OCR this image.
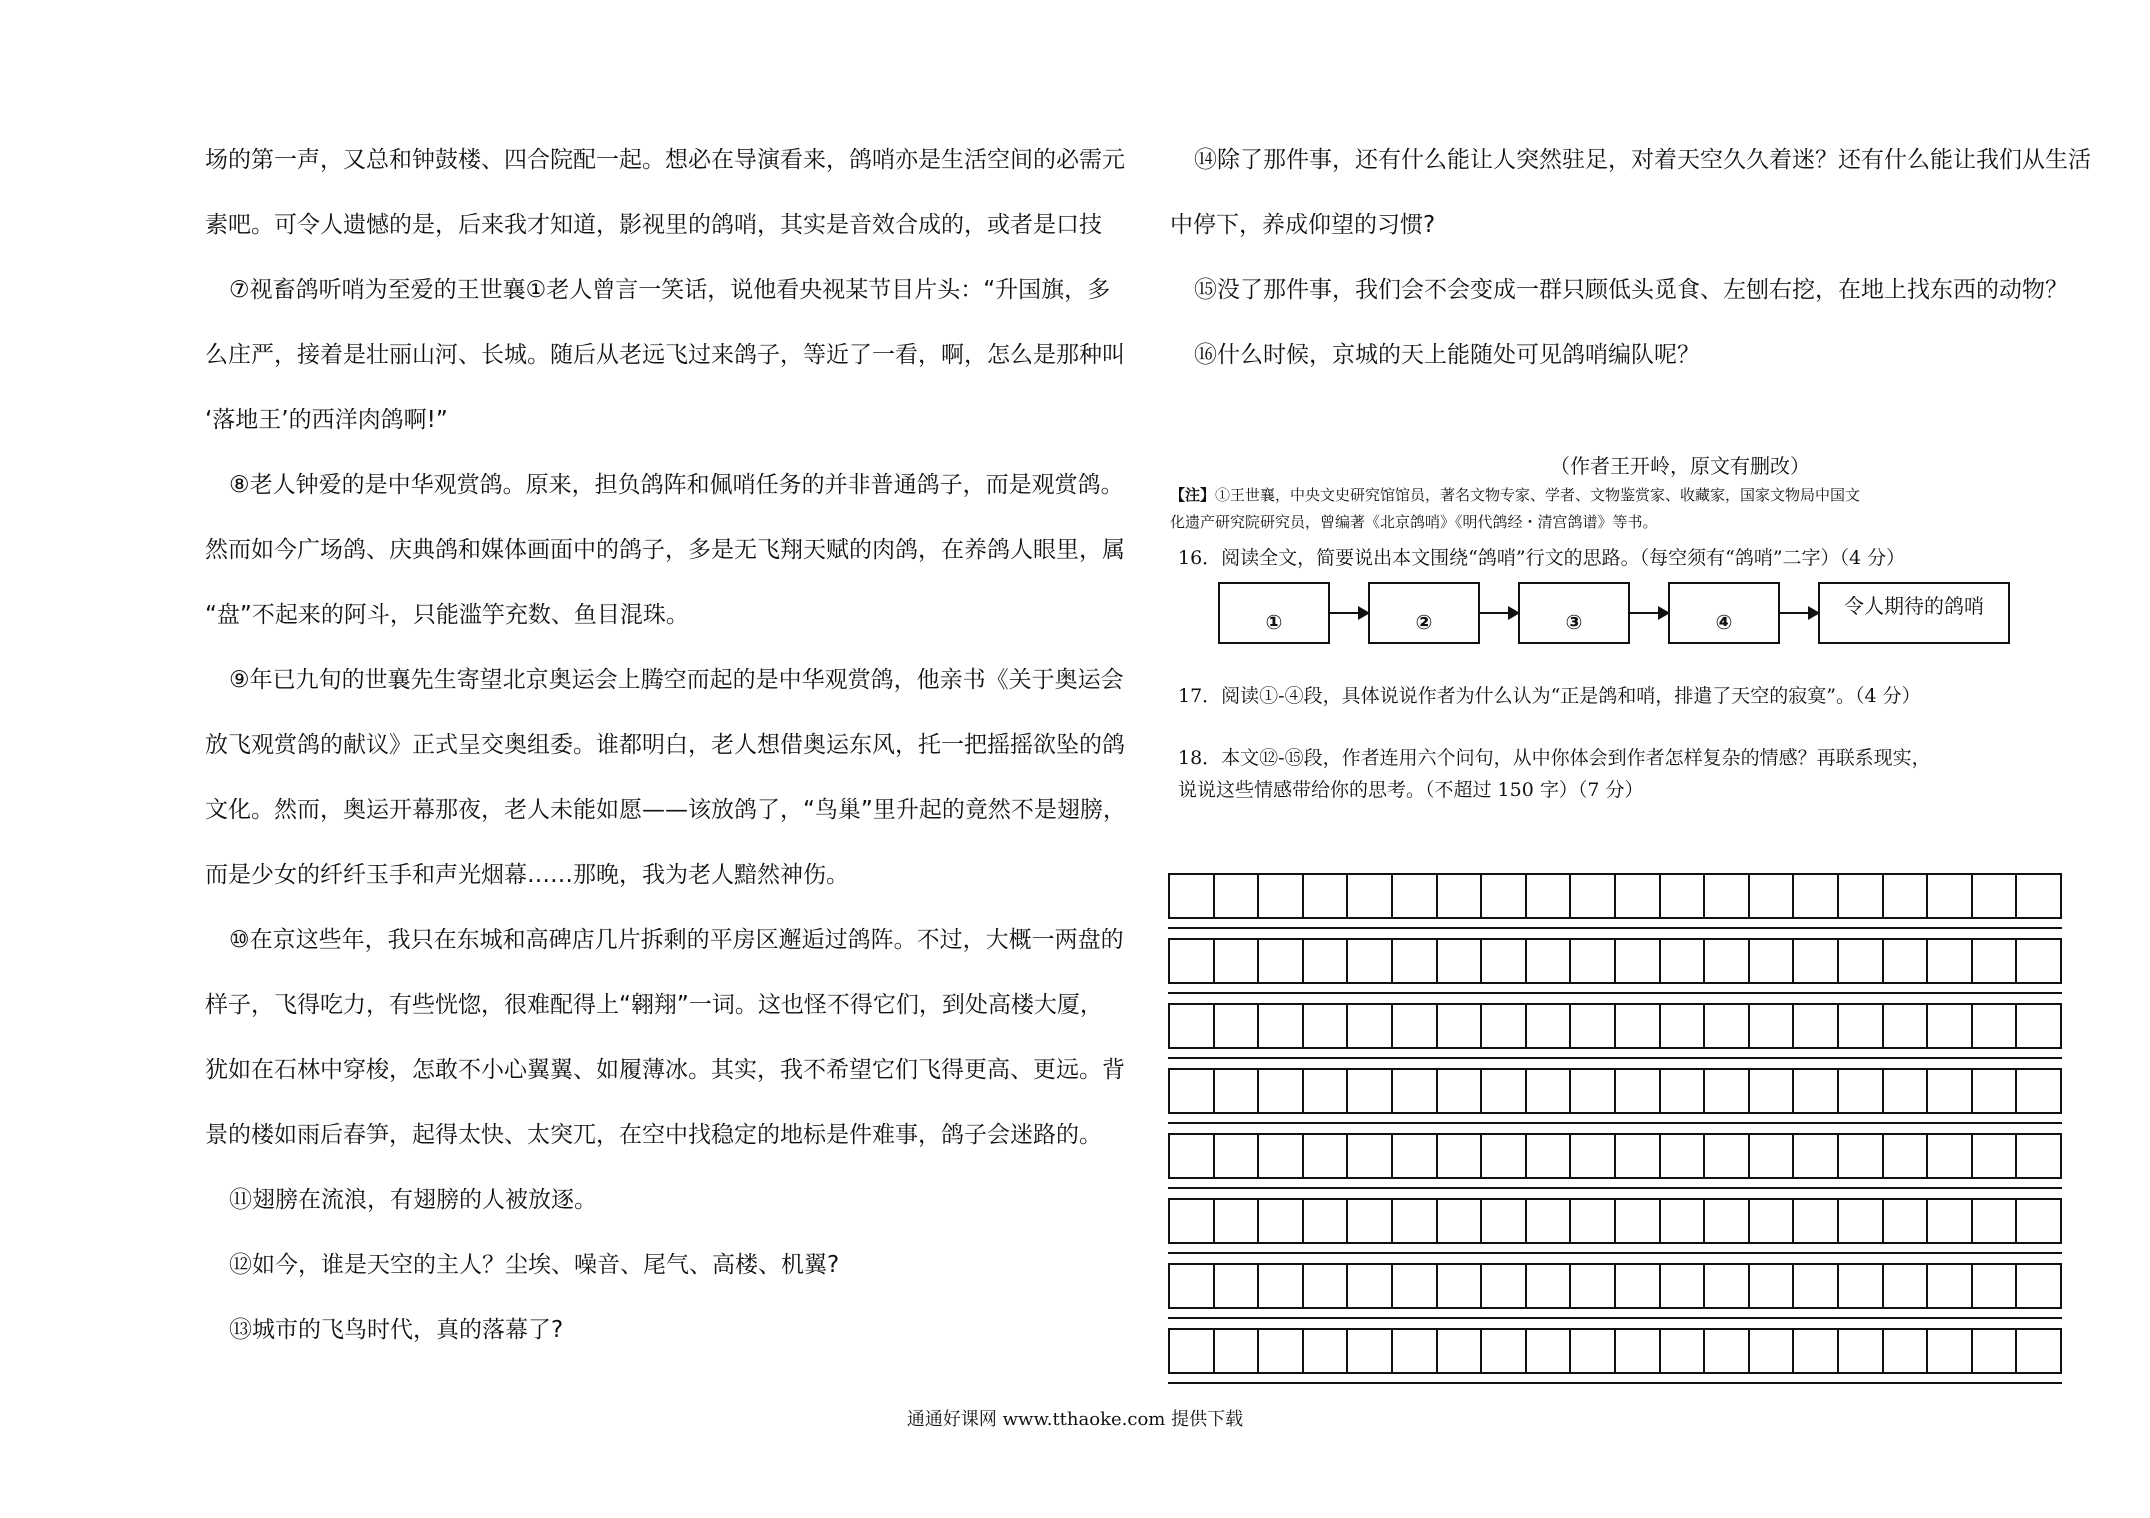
场的第一声，又总和钟鼓楼、四合院配一起。想必在导演看来，鸽哨亦是生活空间的必需元

素吧。可令人遗憾的是，后来我才知道，影视里的鸽哨，其实是音效合成的，或者是口技

⑦视畜鸽听哨为至爱的王世襄①老人曾言一笑话，说他看央视某节目片头：“升国旗，多

么庄严，接着是壮丽山河、长城。随后从老远飞过来鸽子，等近了一看，啊，怎么是那种叫

‘落地王’的西洋肉鸽啊!”

⑧老人钟爱的是中华观赏鸽。原来，担负鸽阵和佩哨任务的并非普通鸽子，而是观赏鸽。

然而如今广场鸽、庆典鸽和媒体画面中的鸽子，多是无飞翔天赋的肉鸽，在养鸽人眼里，属

“盘”不起来的阿斗，只能滥竽充数、鱼目混珠。

⑨年已九旬的世襄先生寄望北京奥运会上腾空而起的是中华观赏鸽，他亲书《关于奥运会

放飞观赏鸽的献议》正式呈交奥组委。谁都明白，老人想借奥运东风，托一把摇摇欲坠的鸽

文化。然而，奥运开幕那夜，老人未能如愿——该放鸽了，“鸟巢”里升起的竟然不是翅膀，

而是少女的纤纤玉手和声光烟幕……那晚，我为老人黯然神伤。

⑩在京这些年，我只在东城和高碑店几片拆剩的平房区邂逅过鸽阵。不过，大概一两盘的

样子，飞得吃力，有些恍惚，很难配得上“翱翔”一词。这也怪不得它们，到处高楼大厦，

犹如在石林中穿梭，怎敢不小心翼翼、如履薄冰。其实，我不希望它们飞得更高、更远。背

景的楼如雨后春笋，起得太快、太突兀，在空中找稳定的地标是件难事，鸽子会迷路的。

⑪翅膀在流浪，有翅膀的人被放逐。

⑫如今，谁是天空的主人？尘埃、噪音、尾气、高楼、机翼?

⑬城市的飞鸟时代，真的落幕了?

⑭除了那件事，还有什么能让人突然驻足，对着天空久久着迷？还有什么能让我们从生活

中停下，养成仰望的习惯?

⑮没了那件事，我们会不会变成一群只顾低头觅食、左刨右挖，在地上找东西的动物？

⑯什么时候，京城的天上能随处可见鸽哨编队呢？

（作者王开岭，原文有删改）
【注】①王世襄，中央文史研究馆馆员，著名文物专家、学者、文物鉴赏家、收藏家，国家文物局中国文
化遗产研究院研究员，曾编著《北京鸽哨》《明代鸽经・清宫鸽谱》等书。
16．阅读全文，简要说出本文围绕“鸽哨”行文的思路。（每空须有“鸽哨”二字）（4 分）
①	②	③	④
令人期待的鸽哨
17．阅读①-④段，具体说说作者为什么认为“正是鸽和哨，排遣了天空的寂寞”。（4 分）
18．本文⑫-⑮段，作者连用六个问句，从中你体会到作者怎样复杂的情感？再联系现实，
说说这些情感带给你的思考。（不超过 150 字）（7 分）
通通好课网 www.tthaoke.com 提供下载
